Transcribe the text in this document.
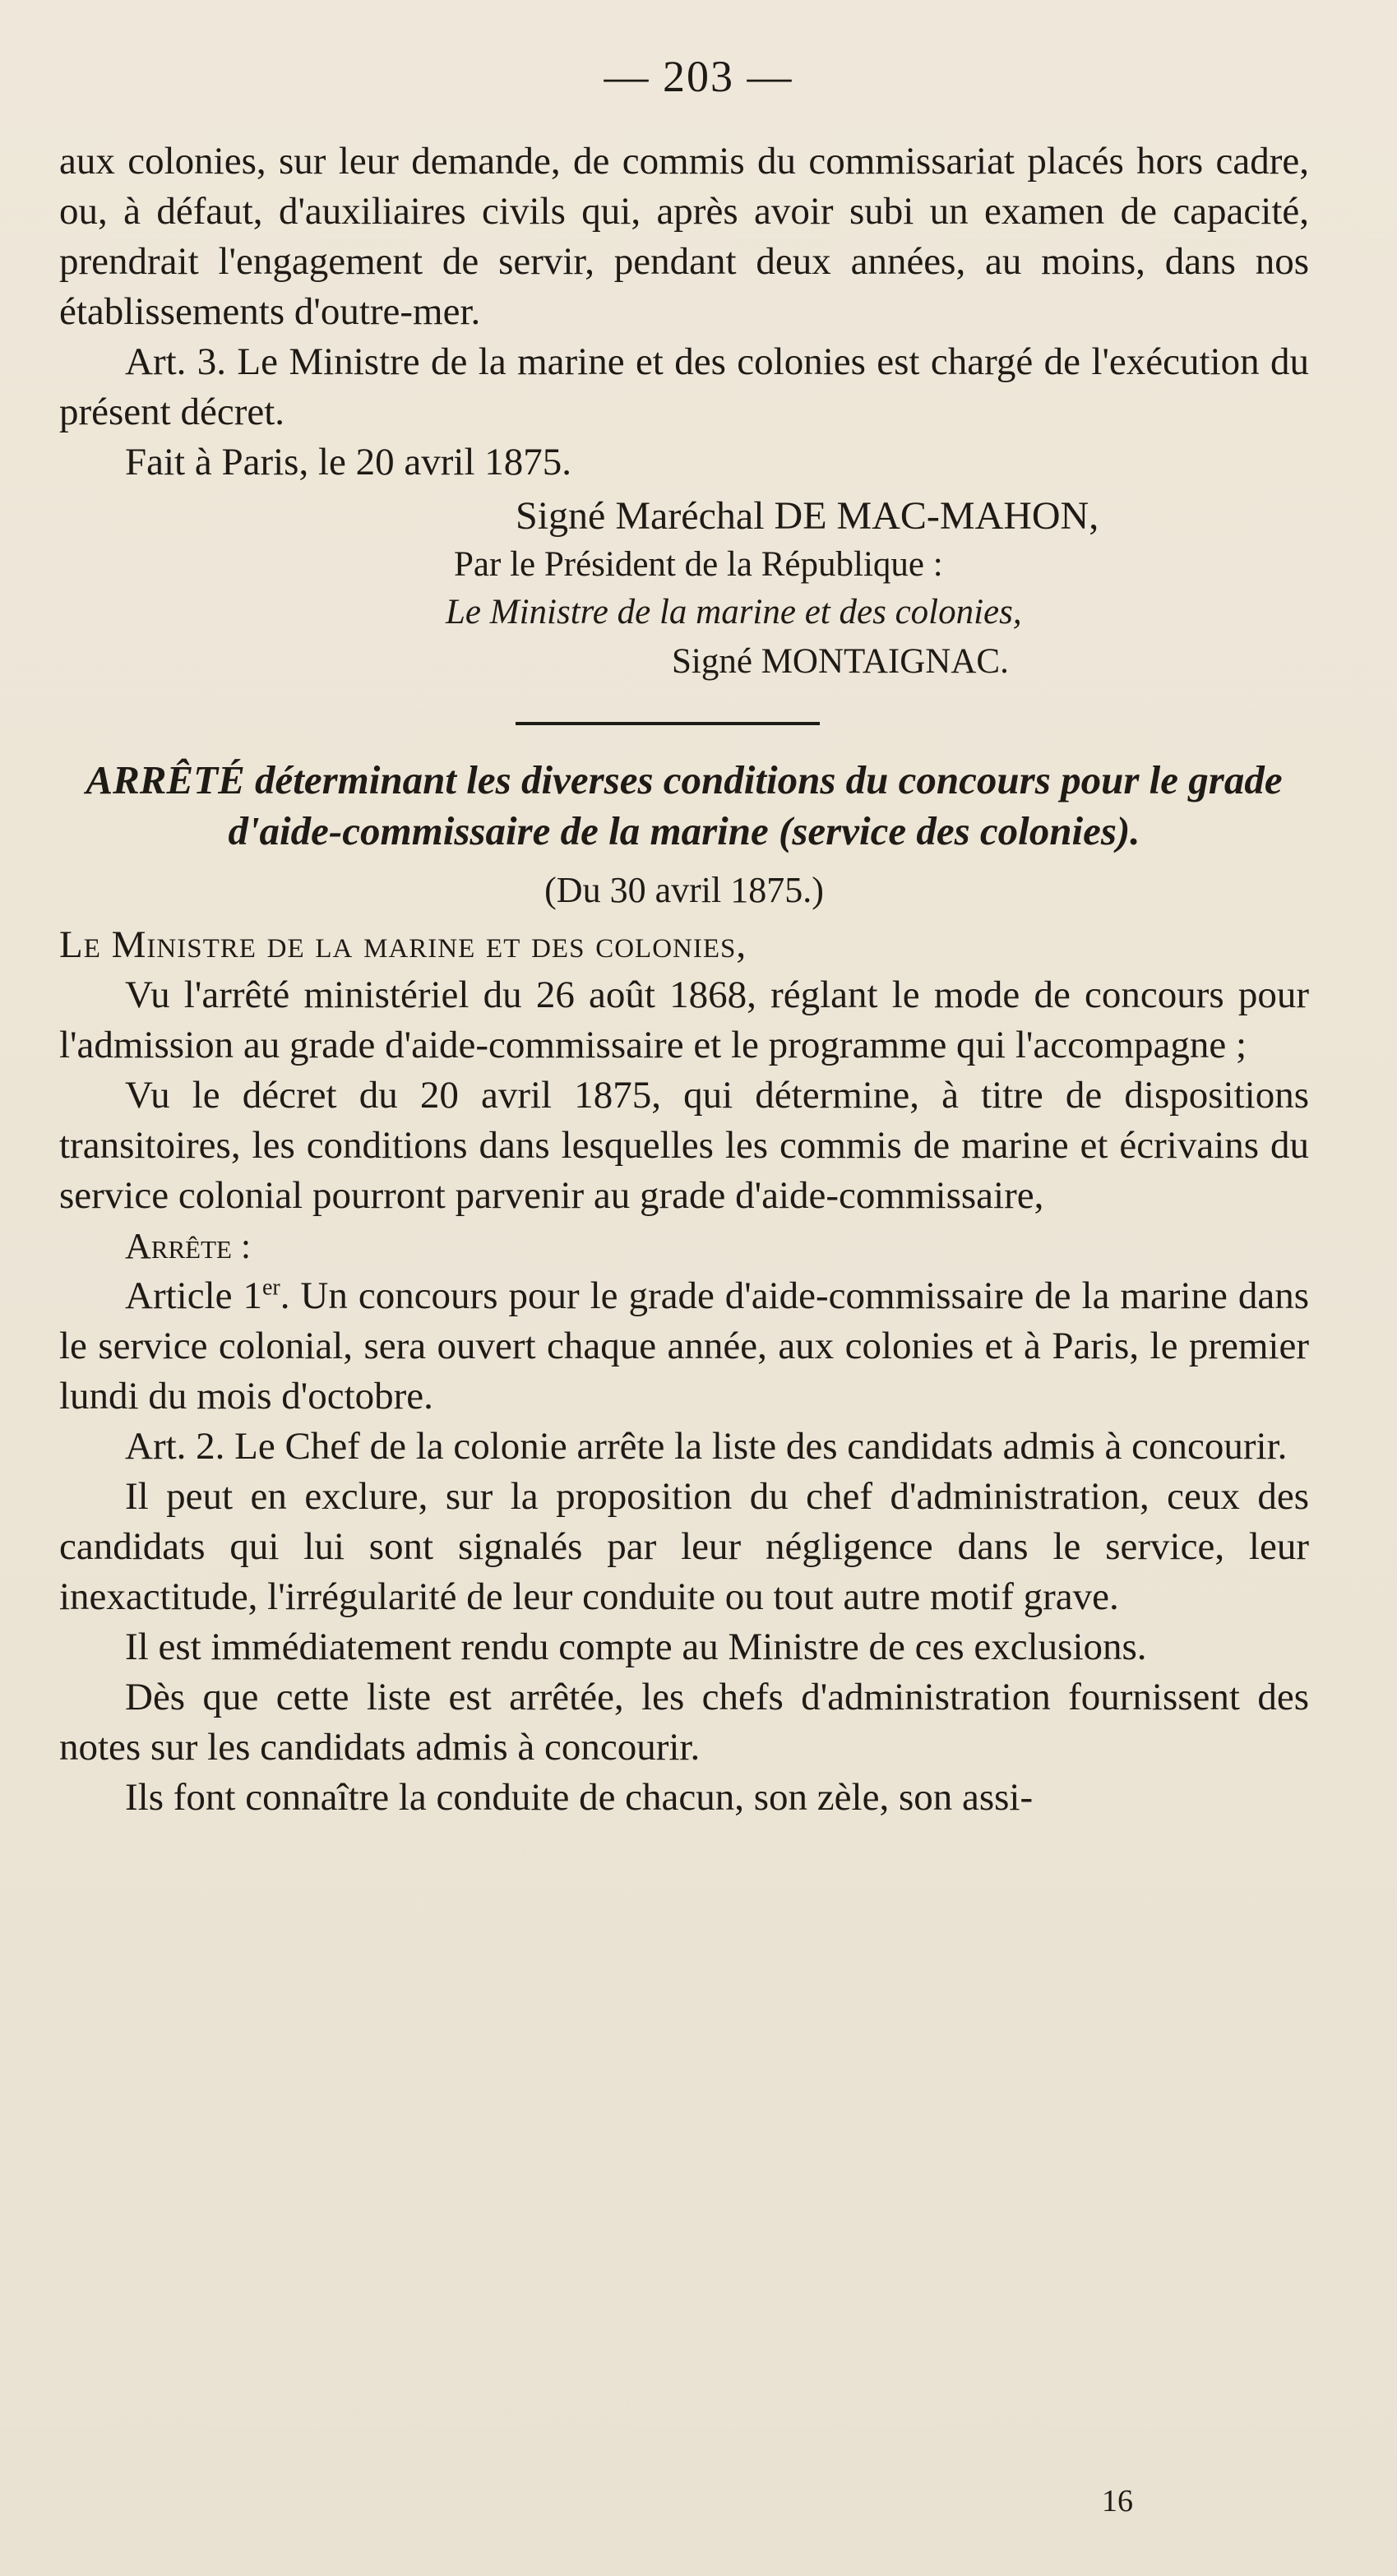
— 203 —

aux colonies, sur leur demande, de commis du commissariat placés hors cadre, ou, à défaut, d'auxiliaires civils qui, après avoir subi un examen de capacité, prendrait l'engagement de servir, pendant deux années, au moins, dans nos établissements d'outre-mer.

Art. 3. Le Ministre de la marine et des colonies est chargé de l'exécution du présent décret.

Fait à Paris, le 20 avril 1875.

Signé Maréchal DE MAC-MAHON,
Par le Président de la République :
Le Ministre de la marine et des colonies,
Signé MONTAIGNAC.
ARRÊTÉ déterminant les diverses conditions du concours pour le grade d'aide-commissaire de la marine (service des colonies).
(Du 30 avril 1875.)
Le Ministre de la marine et des colonies,

Vu l'arrêté ministériel du 26 août 1868, réglant le mode de concours pour l'admission au grade d'aide-commissaire et le programme qui l'accompagne ;

Vu le décret du 20 avril 1875, qui détermine, à titre de dispositions transitoires, les conditions dans lesquelles les commis de marine et écrivains du service colonial pourront parvenir au grade d'aide-commissaire,

Arrête :

Article 1er. Un concours pour le grade d'aide-commissaire de la marine dans le service colonial, sera ouvert chaque année, aux colonies et à Paris, le premier lundi du mois d'octobre.

Art. 2. Le Chef de la colonie arrête la liste des candidats admis à concourir.

Il peut en exclure, sur la proposition du chef d'administration, ceux des candidats qui lui sont signalés par leur négligence dans le service, leur inexactitude, l'irrégularité de leur conduite ou tout autre motif grave.

Il est immédiatement rendu compte au Ministre de ces exclusions.

Dès que cette liste est arrêtée, les chefs d'administration fournissent des notes sur les candidats admis à concourir.

Ils font connaître la conduite de chacun, son zèle, son assi-

16
